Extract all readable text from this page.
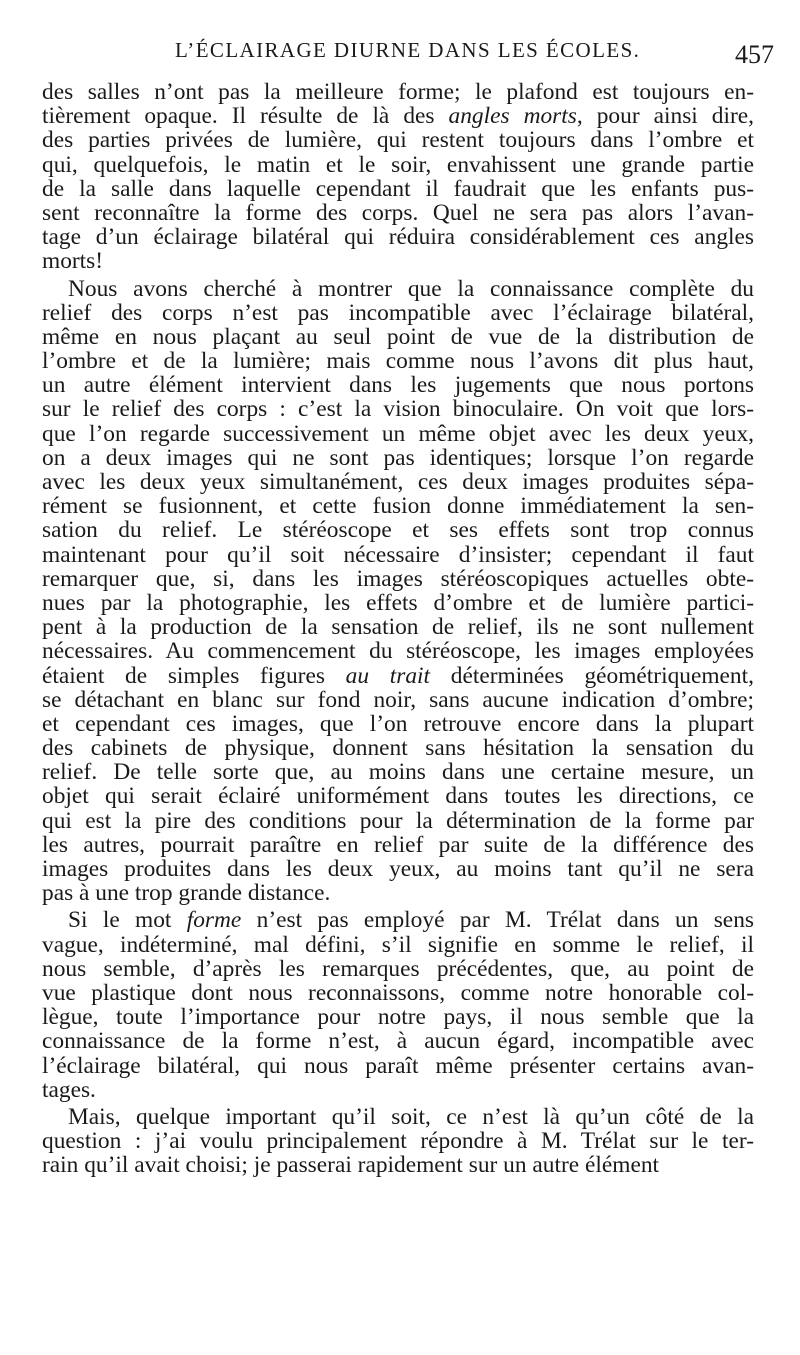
L’ÉCLAIRAGE DIURNE DANS LES ÉCOLES.	457
des salles n’ont pas la meilleure forme; le plafond est toujours en-
tièrement opaque. Il résulte de là des angles morts, pour ainsi dire,
des parties privées de lumière, qui restent toujours dans l’ombre et
qui, quelquefois, le matin et le soir, envahissent une grande partie
de la salle dans laquelle cependant il faudrait que les enfants pus-
sent reconnaître la forme des corps. Quel ne sera pas alors l’avan-
tage d’un éclairage bilatéral qui réduira considérablement ces angles
morts!
Nous avons cherché à montrer que la connaissance complète du
relief des corps n’est pas incompatible avec l’éclairage bilatéral,
même en nous plaçant au seul point de vue de la distribution de
l’ombre et de la lumière; mais comme nous l’avons dit plus haut,
un autre élément intervient dans les jugements que nous portons
sur le relief des corps : c’est la vision binoculaire. On voit que lors-
que l’on regarde successivement un même objet avec les deux yeux,
on a deux images qui ne sont pas identiques; lorsque l’on regarde
avec les deux yeux simultanément, ces deux images produites sépa-
rément se fusionnent, et cette fusion donne immédiatement la sen-
sation du relief. Le stéréoscope et ses effets sont trop connus
maintenant pour qu’il soit nécessaire d’insister; cependant il faut
remarquer que, si, dans les images stéréoscopiques actuelles obte-
nues par la photographie, les effets d’ombre et de lumière partici-
pent à la production de la sensation de relief, ils ne sont nullement
nécessaires. Au commencement du stéréoscope, les images employées
étaient de simples figures au trait déterminées géométriquement,
se détachant en blanc sur fond noir, sans aucune indication d’ombre;
et cependant ces images, que l’on retrouve encore dans la plupart
des cabinets de physique, donnent sans hésitation la sensation du
relief. De telle sorte que, au moins dans une certaine mesure, un
objet qui serait éclairé uniformément dans toutes les directions, ce
qui est la pire des conditions pour la détermination de la forme par
les autres, pourrait paraître en relief par suite de la différence des
images produites dans les deux yeux, au moins tant qu’il ne sera
pas à une trop grande distance.
Si le mot forme n’est pas employé par M. Trélat dans un sens
vague, indéterminé, mal défini, s’il signifie en somme le relief, il
nous semble, d’après les remarques précédentes, que, au point de
vue plastique dont nous reconnaissons, comme notre honorable col-
lègue, toute l’importance pour notre pays, il nous semble que la
connaissance de la forme n’est, à aucun égard, incompatible avec
l’éclairage bilatéral, qui nous paraît même présenter certains avan-
tages.
Mais, quelque important qu’il soit, ce n’est là qu’un côté de la
question : j’ai voulu principalement répondre à M. Trélat sur le ter-
rain qu’il avait choisi; je passerai rapidement sur un autre élément
